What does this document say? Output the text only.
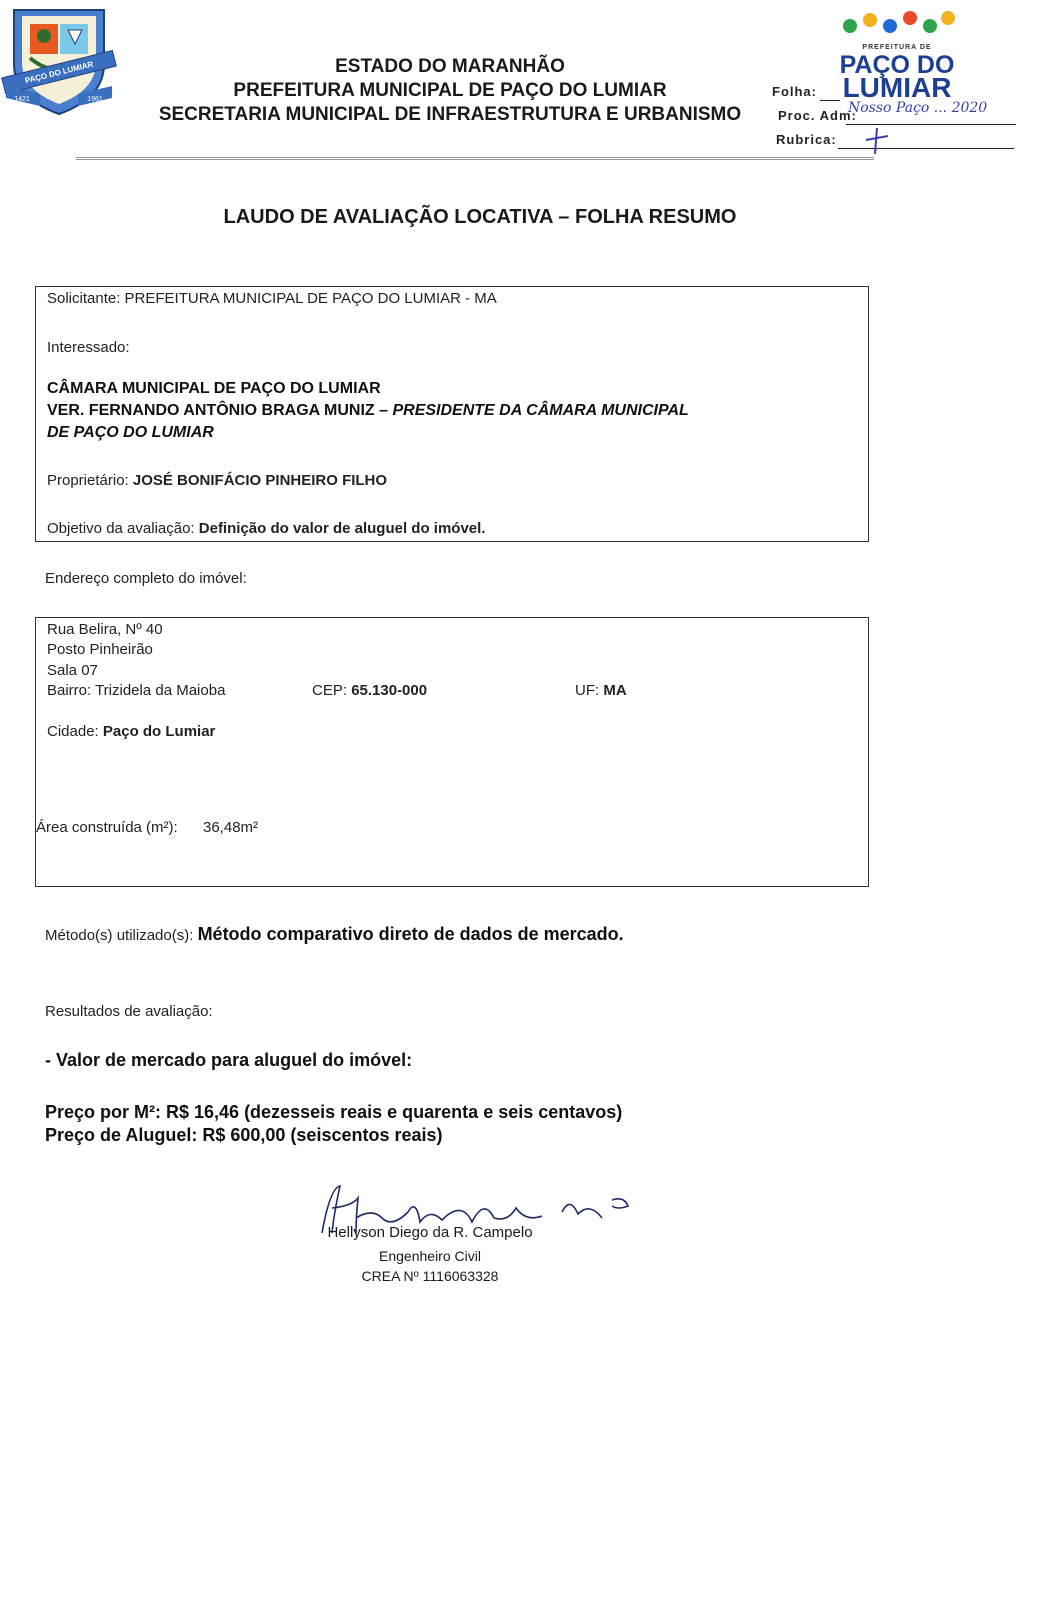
PAÇO DO LUMIAR
1421	1961
ESTADO DO MARANHÃO
PREFEITURA MUNICIPAL DE PAÇO DO LUMIAR
SECRETARIA MUNICIPAL DE INFRAESTRUTURA E URBANISMO
PREFEITURA DE
PAÇO DO
LUMIAR
Folha:
Proc. Adm:
Nosso Paço ... 2020
Rubrica:
LAUDO DE AVALIAÇÃO LOCATIVA – FOLHA RESUMO
Solicitante: PREFEITURA MUNICIPAL DE PAÇO DO LUMIAR - MA
Interessado:
CÂMARA MUNICIPAL DE PAÇO DO LUMIAR
VER. FERNANDO ANTÔNIO BRAGA MUNIZ – PRESIDENTE DA CÂMARA MUNICIPAL
DE PAÇO DO LUMIAR
Proprietário: JOSÉ BONIFÁCIO PINHEIRO FILHO
Objetivo da avaliação: Definição do valor de aluguel do imóvel.
Endereço completo do imóvel:
Rua Belira, Nº 40
Posto Pinheirão
Sala 07
Bairro: Trizidela da Maioba	CEP: 65.130-000	UF: MA
Cidade: Paço do Lumiar
Área construída (m²): 36,48m²
Método(s) utilizado(s): Método comparativo direto de dados de mercado.
Resultados de avaliação:
- Valor de mercado para aluguel do imóvel:
Preço por M²: R$ 16,46 (dezesseis reais e quarenta e seis centavos)
Preço de Aluguel: R$ 600,00 (seiscentos reais)
Hellyson Diego da R. Campelo
Engenheiro Civil
CREA Nº 1116063328
